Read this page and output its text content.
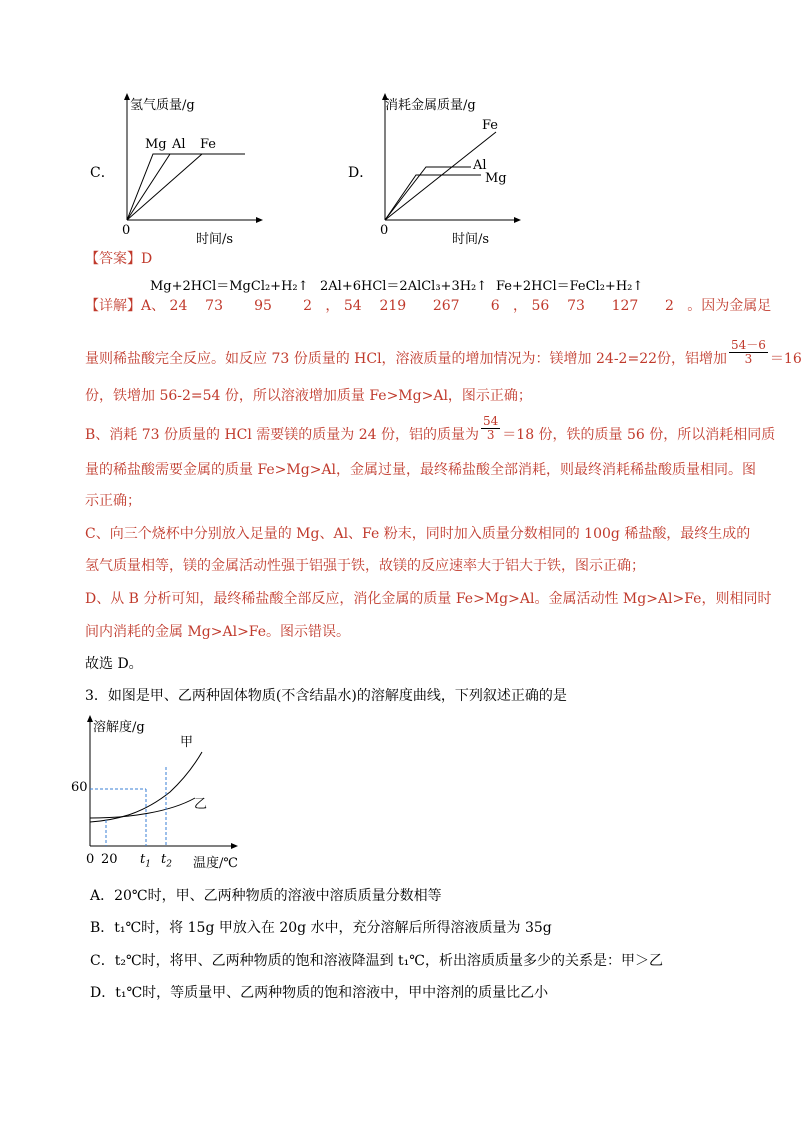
C．
氢气质量/g
Mg Al Fe
0
时间/s
D．
消耗金属质量/g
Fe
Al
Mg
0
时间/s
【答案】D
Mg+2HCl＝MgCl₂+H₂↑ 2Al+6HCl＝2AlCl₃+3H₂↑ Fe+2HCl＝FeCl₂+H₂↑
【详解】A、 24    73       95       2   ， 54    219      267       6   ， 56    73      127      2   。因为金属足
量则稀盐酸完全反应。如反应 73 份质量的 HCl，溶液质量的增加情况为：镁增加 24-2=22份，铝增加 $\frac{54-6}{3} =16$
份，铁增加 56-2=54 份，所以溶液增加质量 Fe>Mg>Al，图示正确；
B、消耗 73 份质量的 HCl 需要镁的质量为 24 份，铝的质量为 $\frac{54}{3} =18$ 份，铁的质量 56 份，所以消耗相同质
量的稀盐酸需要金属的质量 Fe>Mg>Al，金属过量，最终稀盐酸全部消耗，则最终消耗稀盐酸质量相同。图
示正确；
C、向三个烧杯中分别放入足量的 Mg、Al、Fe 粉末，同时加入质量分数相同的 100g 稀盐酸，最终生成的
氢气质量相等，镁的金属活动性强于铝强于铁，故镁的反应速率大于铝大于铁，图示正确；
D、从 B 分析可知，最终稀盐酸全部反应，消化金属的质量 Fe>Mg>Al。金属活动性 Mg>Al>Fe，则相同时
间内消耗的金属 Mg>Al>Fe。图示错误。
故选 D。
3．如图是甲、乙两种固体物质(不含结晶水)的溶解度曲线，下列叙述正确的是
溶解度/g
甲
乙
60
0 20 $t_1$ $t_2$ 温度/℃
A．20℃时，甲、乙两种物质的溶液中溶质质量分数相等
B．t₁℃时，将 15g 甲放入在 20g 水中，充分溶解后所得溶液质量为 35g
C．t₂℃时，将甲、乙两种物质的饱和溶液降温到 t₁℃，析出溶质质量多少的关系是：甲＞乙
D．t₁℃时，等质量甲、乙两种物质的饱和溶液中，甲中溶剂的质量比乙小
